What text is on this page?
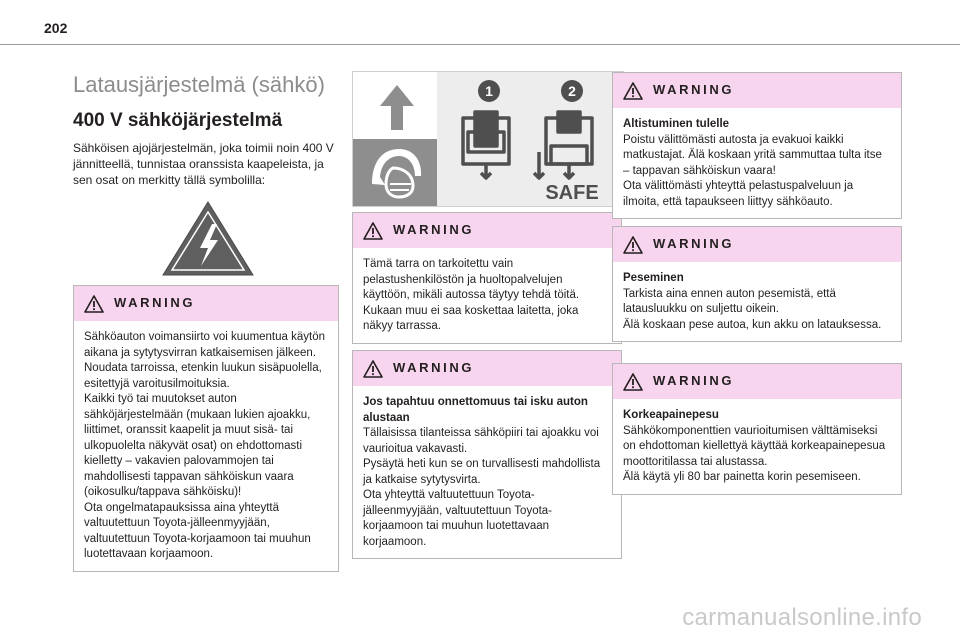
202
Latausjärjestelmä (sähkö)
400 V sähköjärjestelmä
Sähköisen ajojärjestelmän, joka toimii noin 400 V jännitteellä, tunnistaa oranssista kaapeleista, ja sen osat on merkitty tällä symbolilla:
WARNING

Sähköauton voimansiirto voi kuumentua käytön aikana ja sytytysvirran katkaisemisen jälkeen.

Noudata tarroissa, etenkin luukun sisäpuolella, esitettyjä varoitusilmoituksia.

Kaikki työ tai muutokset auton sähköjärjestelmään (mukaan lukien ajoakku, liittimet, oranssit kaapelit ja muut sisä- tai ulkopuolelta näkyvät osat) on ehdottomasti kielletty – vakavien palovammojen tai mahdollisesti tappavan sähköiskun vaara (oikosulku/tappava sähköisku)!

Ota ongelmatapauksissa aina yhteyttä valtuutettuun Toyota-jälleenmyyjään, valtuutettuun Toyota-korjaamoon tai muuhun luotettavaan korjaamoon.

1	2
SAFE
WARNING

Tämä tarra on tarkoitettu vain pelastushenkilöstön ja huoltopalvelujen käyttöön, mikäli autossa täytyy tehdä töitä. Kukaan muu ei saa koskettaa laitetta, joka näkyy tarrassa.

WARNING

Jos tapahtuu onnettomuus tai isku auton alustaan

Tällaisissa tilanteissa sähköpiiri tai ajoakku voi vaurioitua vakavasti.

Pysäytä heti kun se on turvallisesti mahdollista ja katkaise sytytysvirta.

Ota yhteyttä valtuutettuun Toyota-jälleenmyyjään, valtuutettuun Toyota-korjaamoon tai muuhun luotettavaan korjaamoon.

WARNING

Altistuminen tulelle

Poistu välittömästi autosta ja evakuoi kaikki matkustajat. Älä koskaan yritä sammuttaa tulta itse – tappavan sähköiskun vaara!

Ota välittömästi yhteyttä pelastuspalveluun ja ilmoita, että tapaukseen liittyy sähköauto.

WARNING

Peseminen

Tarkista aina ennen auton pesemistä, että latausluukku on suljettu oikein.

Älä koskaan pese autoa, kun akku on latauksessa.

WARNING

Korkeapainepesu

Sähkökomponenttien vaurioitumisen välttämiseksi on ehdottoman kiellettyä käyttää korkeapainepesua moottoritilassa tai alustassa.

Älä käytä yli 80 bar painetta korin pesemiseen.

carmanualsonline.info
